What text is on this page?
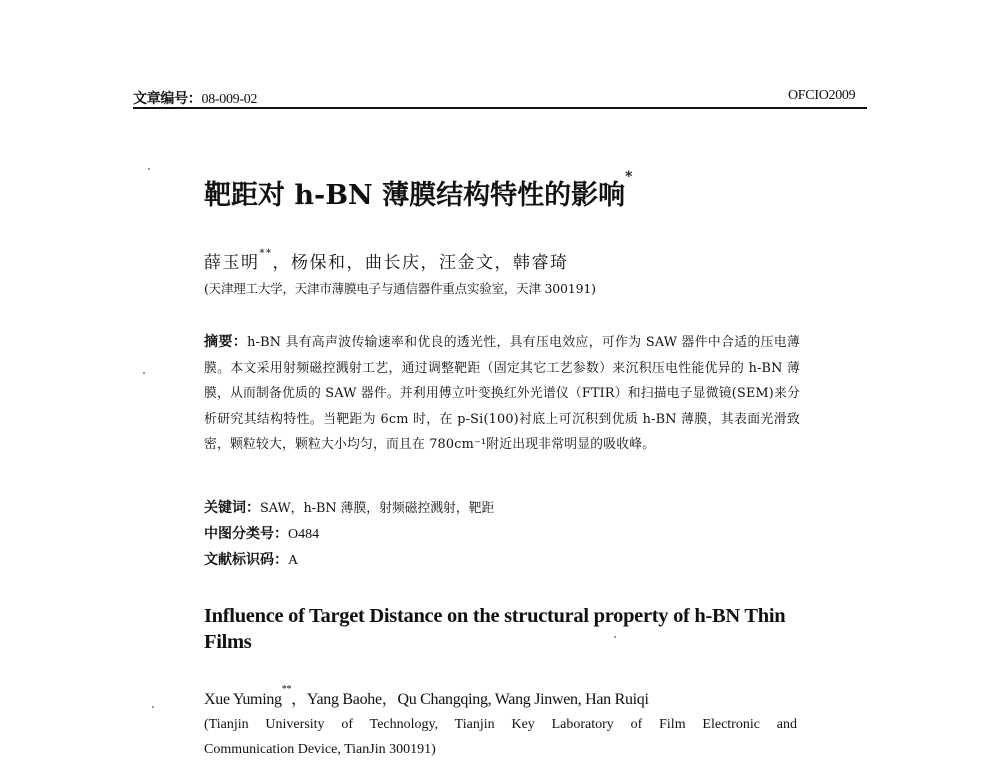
文章编号：08-009-02	OFCIO2009
靶距对 h-BN 薄膜结构特性的影响*
薛玉明**，杨保和，曲长庆，汪金文，韩睿琦
(天津理工大学，天津市薄膜电子与通信器件重点实验室，天津 300191)
摘要：h-BN 具有高声波传输速率和优良的透光性，具有压电效应，可作为 SAW 器件中合适的压电薄膜。本文采用射频磁控溅射工艺，通过调整靶距（固定其它工艺参数）来沉积压电性能优异的 h-BN 薄膜，从而制备优质的 SAW 器件。并利用傅立叶变换红外光谱仪（FTIR）和扫描电子显微镜(SEM)来分析研究其结构特性。当靶距为 6cm 时，在 p-Si(100)衬底上可沉积到优质 h-BN 薄膜，其表面光滑致密，颗粒较大，颗粒大小均匀，而且在 780cm⁻¹附近出现非常明显的吸收峰。
关键词：SAW，h-BN 薄膜，射频磁控溅射，靶距
中图分类号：O484
文献标识码：A
Influence of Target Distance on the structural property of h-BN Thin Films
Xue Yuming**，Yang Baohe，Qu Changqing, Wang Jinwen, Han Ruiqi
(Tianjin University of Technology, Tianjin Key Laboratory of Film Electronic and
Communication Device, TianJin 300191)
